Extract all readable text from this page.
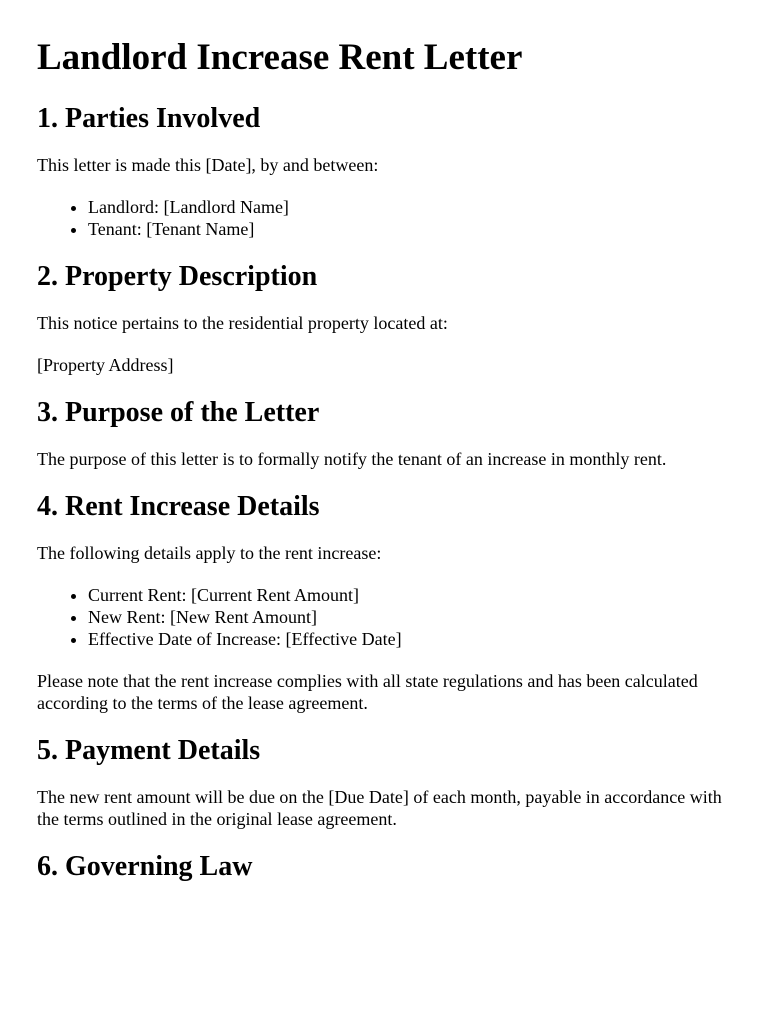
Landlord Increase Rent Letter
1. Parties Involved

This letter is made this [Date], by and between:

• Landlord: [Landlord Name]
• Tenant: [Tenant Name]
2. Property Description

This notice pertains to the residential property located at:

[Property Address]

3. Purpose of the Letter

The purpose of this letter is to formally notify the tenant of an increase in monthly rent.

4. Rent Increase Details

The following details apply to the rent increase:

• Current Rent: [Current Rent Amount]
• New Rent: [New Rent Amount]
• Effective Date of Increase: [Effective Date]

Please note that the rent increase complies with all state regulations and has been calculated according to the terms of the lease agreement.

5. Payment Details

The new rent amount will be due on the [Due Date] of each month, payable in accordance with the terms outlined in the original lease agreement.

6. Governing Law
